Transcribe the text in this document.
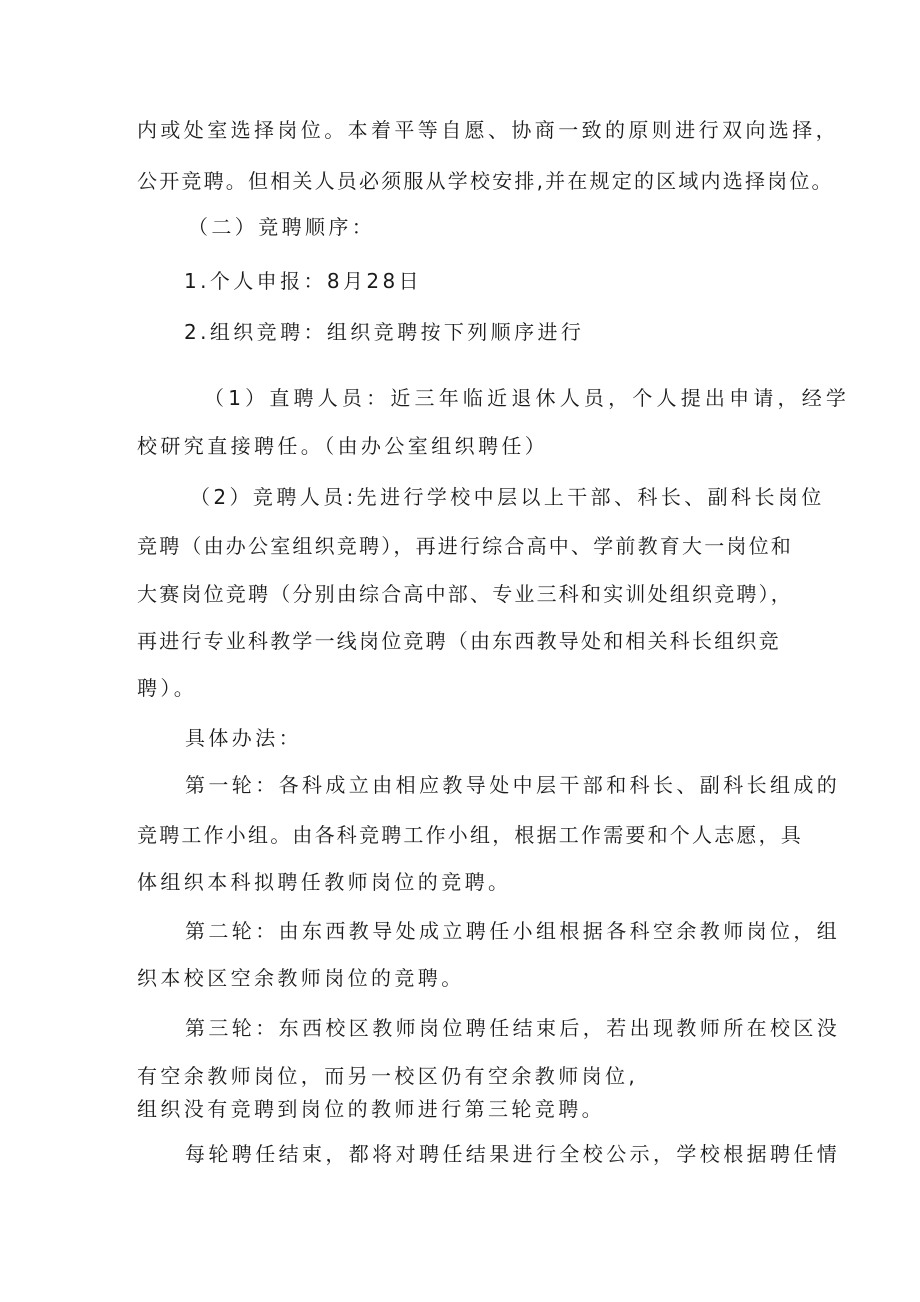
内或处室选择岗位。本着平等自愿、协商一致的原则进行双向选择，
公开竞聘。但相关人员必须服从学校安排,并在规定的区域内选择岗位。
（二）竞聘顺序：
1.个人申报：8月28日
2.组织竞聘：组织竞聘按下列顺序进行
（1）直聘人员：近三年临近退休人员，个人提出申请，经学
校研究直接聘任。（由办公室组织聘任）
（2）竞聘人员:先进行学校中层以上干部、科长、副科长岗位
竞聘（由办公室组织竞聘），再进行综合高中、学前教育大一岗位和
大赛岗位竞聘（分别由综合高中部、专业三科和实训处组织竞聘），
再进行专业科教学一线岗位竞聘（由东西教导处和相关科长组织竞
聘）。
具体办法：
第一轮：各科成立由相应教导处中层干部和科长、副科长组成的
竞聘工作小组。由各科竞聘工作小组，根据工作需要和个人志愿，具
体组织本科拟聘任教师岗位的竞聘。
第二轮：由东西教导处成立聘任小组根据各科空余教师岗位，组
织本校区空余教师岗位的竞聘。
第三轮：东西校区教师岗位聘任结束后，若出现教师所在校区没
有空余教师岗位，而另一校区仍有空余教师岗位,
组织没有竞聘到岗位的教师进行第三轮竞聘。
每轮聘任结束，都将对聘任结果进行全校公示，学校根据聘任情
